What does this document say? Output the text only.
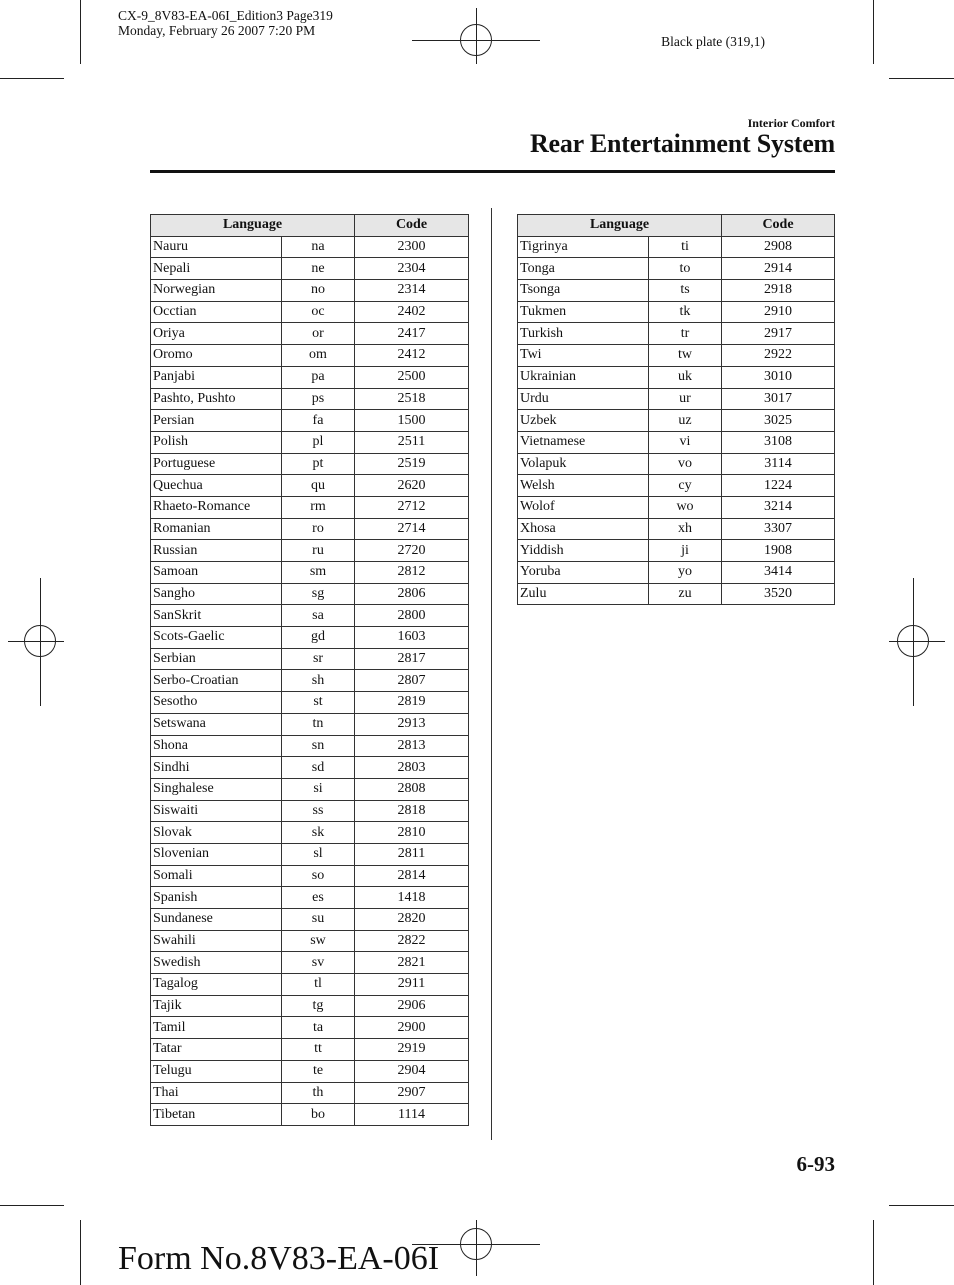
CX-9_8V83-EA-06I_Edition3 Page319
Monday, February 26 2007 7:20 PM
Black plate (319,1)
Interior Comfort
Rear Entertainment System
Language		Code
Nauru	na	2300
Nepali	ne	2304
Norwegian	no	2314
Occtian	oc	2402
Oriya	or	2417
Oromo	om	2412
Panjabi	pa	2500
Pashto, Pushto	ps	2518
Persian	fa	1500
Polish	pl	2511
Portuguese	pt	2519
Quechua	qu	2620
Rhaeto-Romance	rm	2712
Romanian	ro	2714
Russian	ru	2720
Samoan	sm	2812
Sangho	sg	2806
SanSkrit	sa	2800
Scots-Gaelic	gd	1603
Serbian	sr	2817
Serbo-Croatian	sh	2807
Sesotho	st	2819
Setswana	tn	2913
Shona	sn	2813
Sindhi	sd	2803
Singhalese	si	2808
Siswaiti	ss	2818
Slovak	sk	2810
Slovenian	sl	2811
Somali	so	2814
Spanish	es	1418
Sundanese	su	2820
Swahili	sw	2822
Swedish	sv	2821
Tagalog	tl	2911
Tajik	tg	2906
Tamil	ta	2900
Tatar	tt	2919
Telugu	te	2904
Thai	th	2907
Tibetan	bo	1114
Language		Code
Tigrinya	ti	2908
Tonga	to	2914
Tsonga	ts	2918
Tukmen	tk	2910
Turkish	tr	2917
Twi	tw	2922
Ukrainian	uk	3010
Urdu	ur	3017
Uzbek	uz	3025
Vietnamese	vi	3108
Volapuk	vo	3114
Welsh	cy	1224
Wolof	wo	3214
Xhosa	xh	3307
Yiddish	ji	1908
Yoruba	yo	3414
Zulu	zu	3520
6-93
Form No.8V83-EA-06I
